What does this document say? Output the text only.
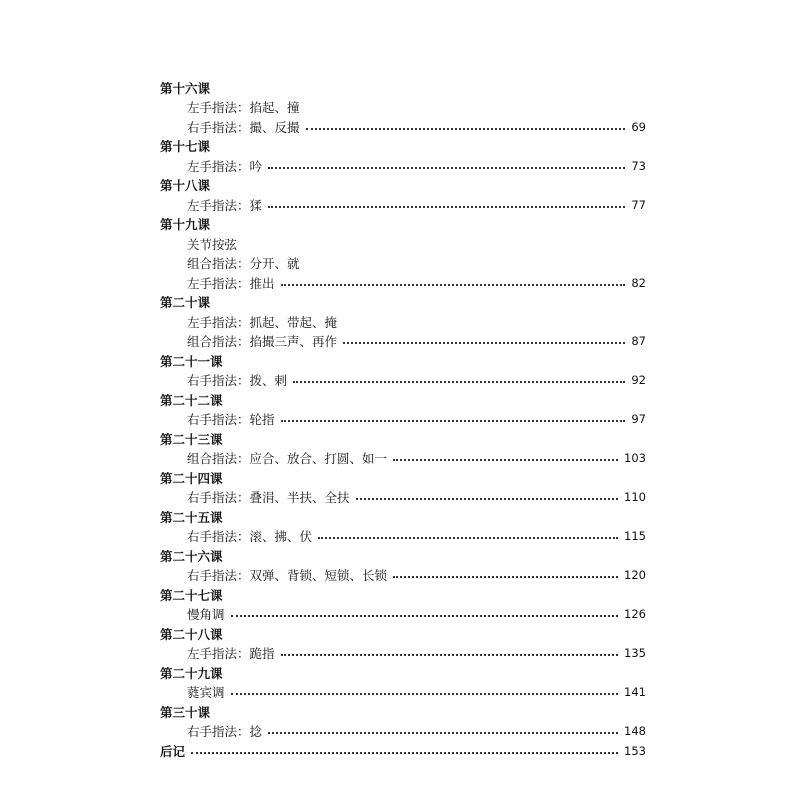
第十六课
左手指法：掐起、撞
右手指法：撮、反撮	69
第十七课
左手指法：吟	73
第十八课
左手指法：猱	77
第十九课
关节按弦
组合指法：分开、就
左手指法：推出	82
第二十课
左手指法：抓起、带起、掩
组合指法：掐撮三声、再作	87
第二十一课
右手指法：拨、剌	92
第二十二课
右手指法：轮指	97
第二十三课
组合指法：应合、放合、打圆、如一	103
第二十四课
右手指法：叠涓、半扶、全扶	110
第二十五课
右手指法：滚、拂、伏	115
第二十六课
右手指法：双弹、背锁、短锁、长锁	120
第二十七课
慢角调	126
第二十八课
左手指法：跪指	135
第二十九课
蕤宾调	141
第三十课
右手指法：捻	148
后记	153
